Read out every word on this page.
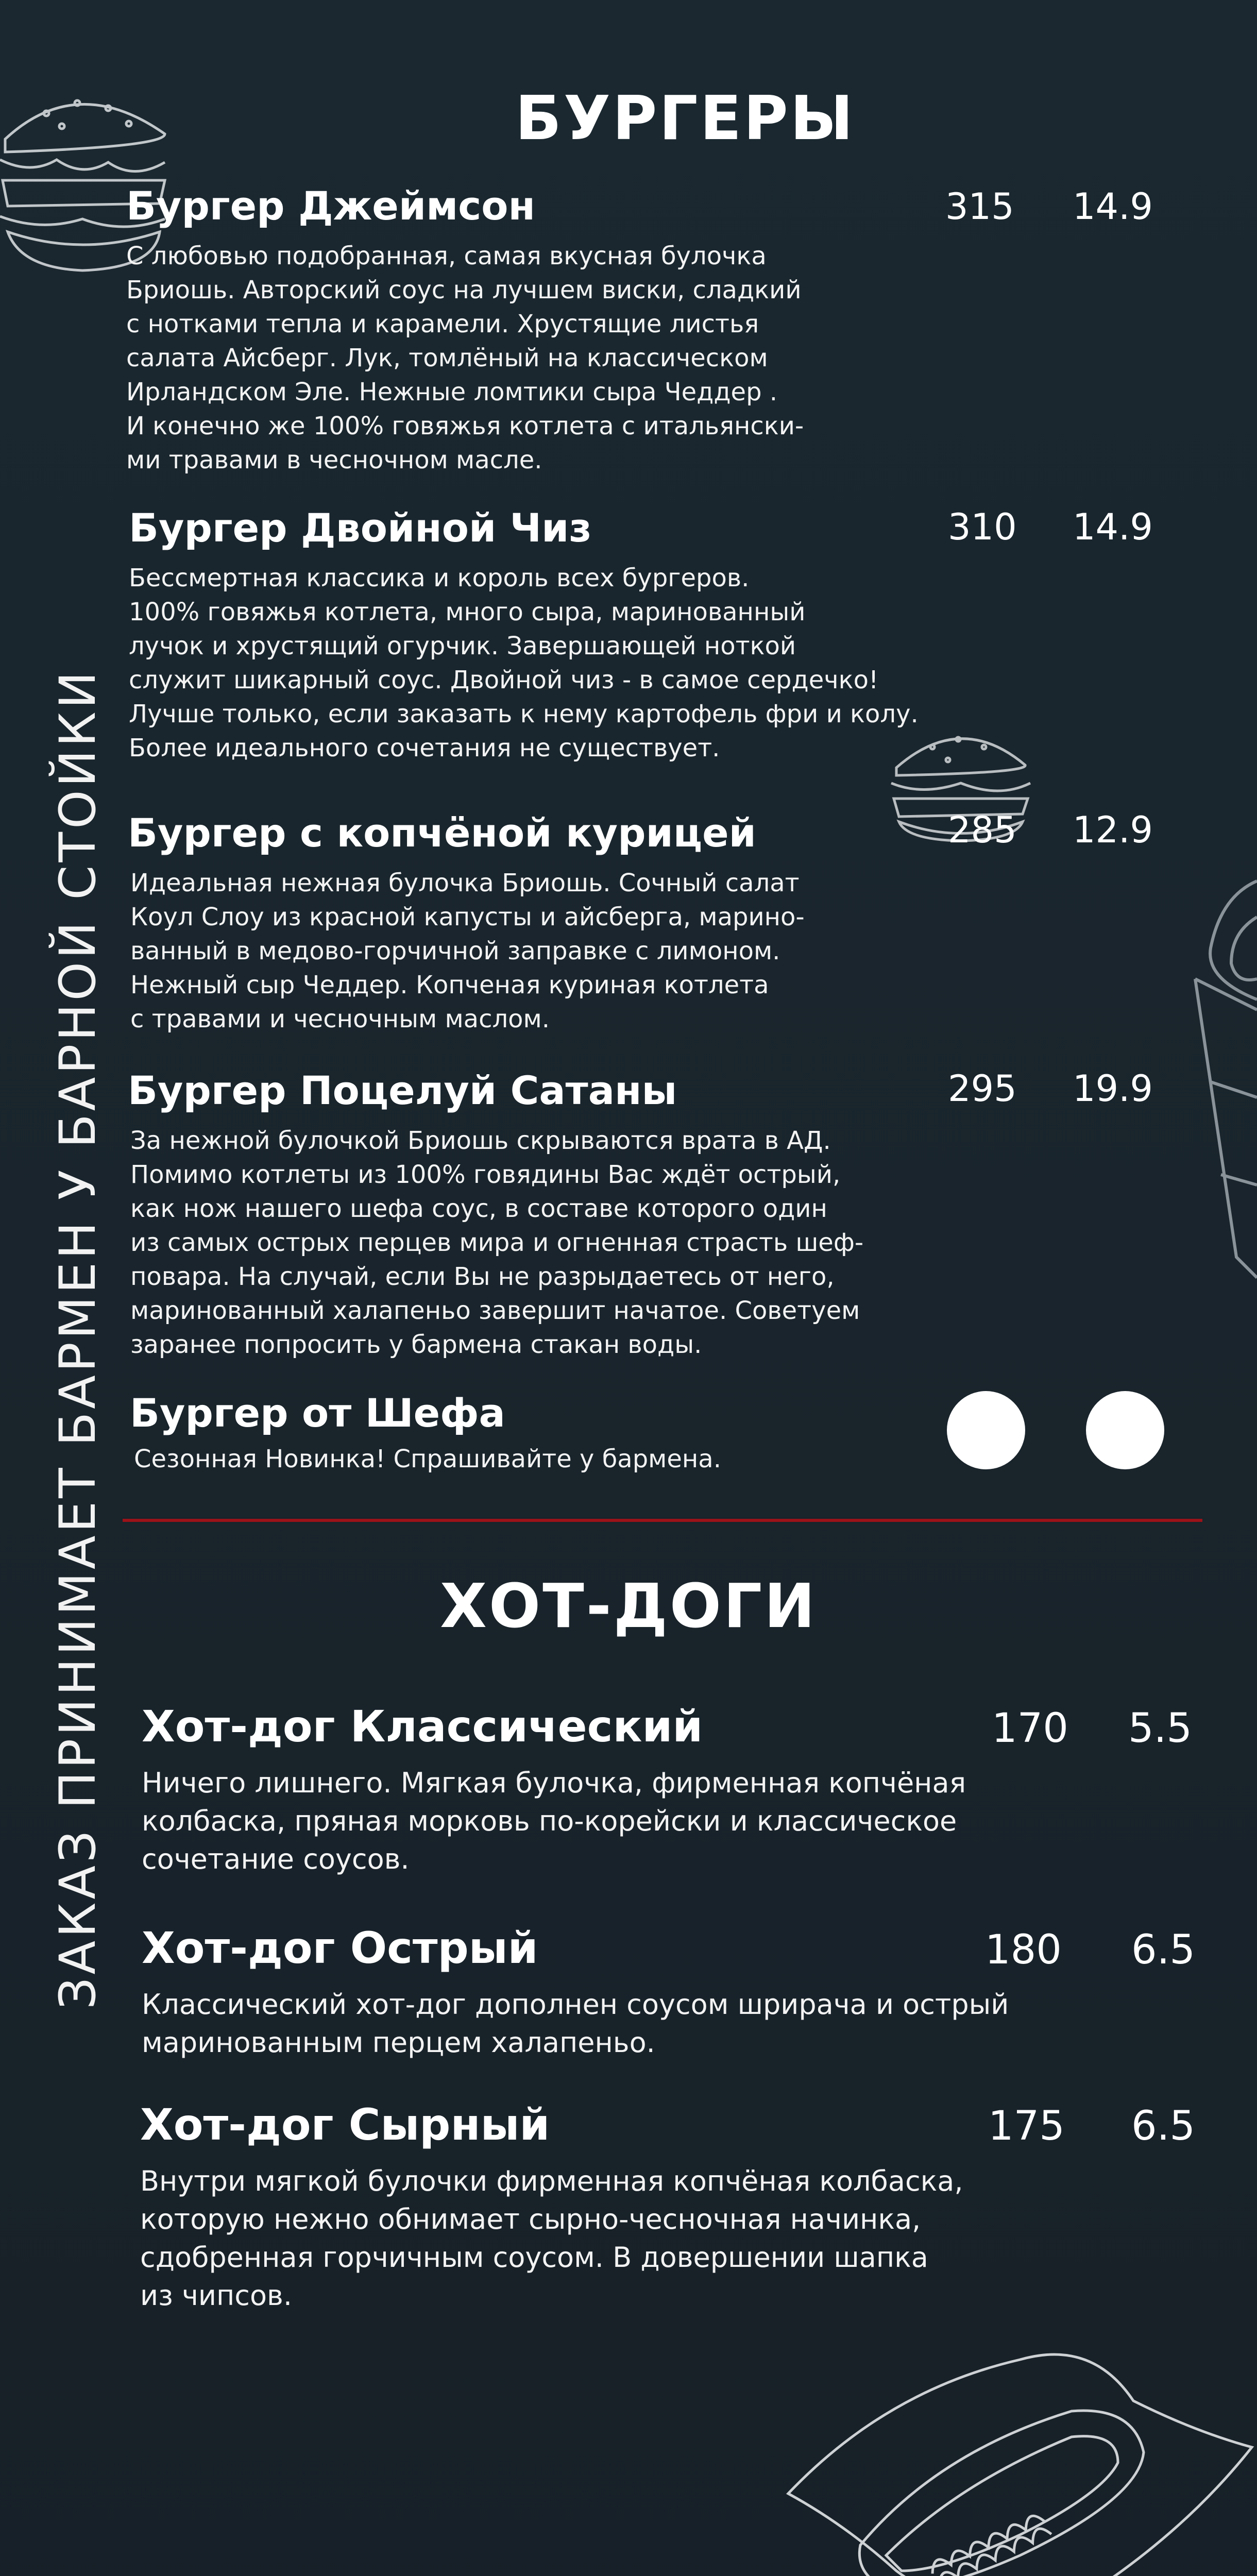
ЗАКАЗ ПРИНИМАЕТ БАРМЕН У БАРНОЙ СТОЙКИ
БУРГЕРЫ
Бургер Джеймсон
С любовью подобранная, самая вкусная булочка
Бриошь. Авторский соус на лучшем виски, сладкий
с нотками тепла и карамели. Хрустящие листья
салата Айсберг. Лук, томлёный на классическом
Ирландском Эле. Нежные ломтики сыра Чеддер .
И конечно же 100% говяжья котлета с итальянски-
ми травами в чесночном масле.
315 14.9
Бургер Двойной Чиз
Бессмертная классика и король всех бургеров.
100% говяжья котлета, много сыра, маринованный
лучок и хрустящий огурчик. Завершающей ноткой
служит шикарный соус. Двойной чиз - в самое сердечко!
Лучше только, если заказать к нему картофель фри и колу.
Более идеального сочетания не существует.
310 14.9
Бургер с копчёной курицей
Идеальная нежная булочка Бриошь. Сочный салат
Коул Слоу из красной капусты и айсберга, марино-
ванный в медово-горчичной заправке с лимоном.
Нежный сыр Чеддер. Копченая куриная котлета
с травами и чесночным маслом.
285 12.9
Бургер Поцелуй Сатаны
За нежной булочкой Бриошь скрываются врата в АД.
Помимо котлеты из 100% говядины Вас ждёт острый,
как нож нашего шефа соус, в составе которого один
из самых острых перцев мира и огненная страсть шеф-
повара. На случай, если Вы не разрыдаетесь от него,
маринованный халапеньо завершит начатое. Советуем
заранее попросить у бармена стакан воды.
295 19.9
Бургер от Шефа
Сезонная Новинка! Спрашивайте у бармена.
ХОТ-ДОГИ
Хот-дог Классический
Ничего лишнего. Мягкая булочка, фирменная копчёная
колбаска, пряная морковь по-корейски и классическое
сочетание соусов.
170 5.5
Хот-дог Острый
Классический хот-дог дополнен соусом шрирача и острый
маринованным перцем халапеньо.
180 6.5
Хот-дог Сырный
Внутри мягкой булочки фирменная копчёная колбаска,
которую нежно обнимает сырно-чесночная начинка,
сдобренная горчичным соусом. В довершении шапка
из чипсов.
175 6.5
